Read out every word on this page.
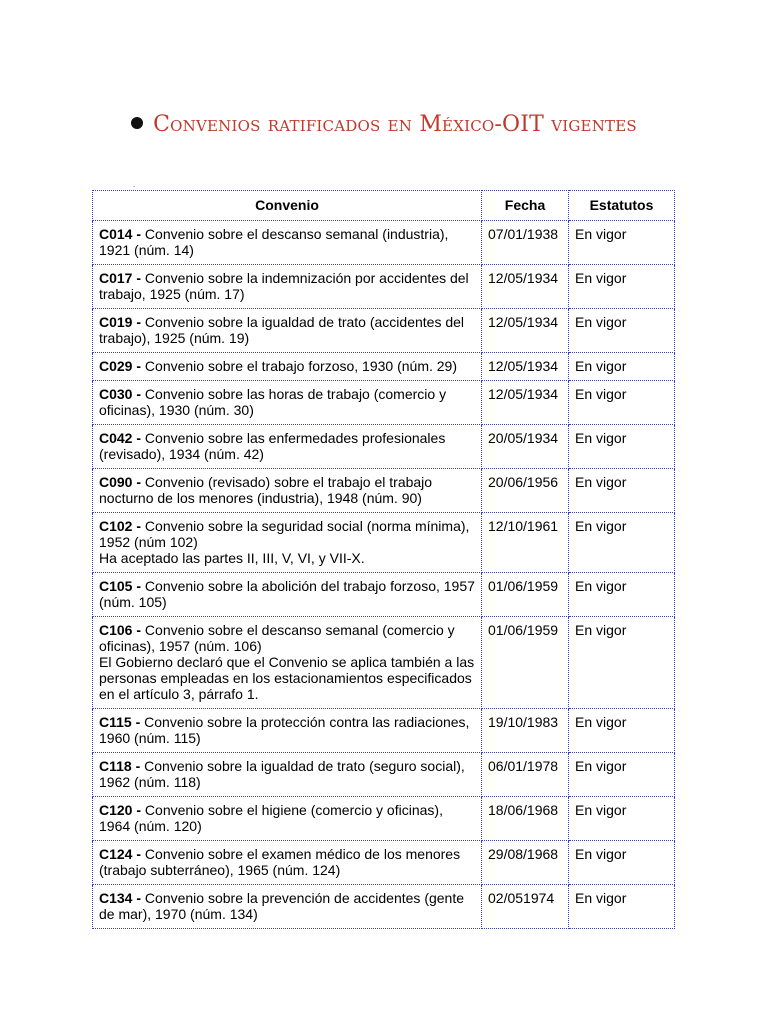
Convenios ratificados en México-OIT vigentes
.
Convenio	Fecha	Estatutos
C014 - Convenio sobre el descanso semanal (industria), 1921 (núm. 14)	07/01/1938	En vigor
C017 - Convenio sobre la indemnización por accidentes del trabajo, 1925 (núm. 17)	12/05/1934	En vigor
C019 - Convenio sobre la igualdad de trato (accidentes del trabajo), 1925 (núm. 19)	12/05/1934	En vigor
C029 - Convenio sobre el trabajo forzoso, 1930 (núm. 29)	12/05/1934	En vigor
C030 - Convenio sobre las horas de trabajo (comercio y oficinas), 1930 (núm. 30)	12/05/1934	En vigor
C042 - Convenio sobre las enfermedades profesionales (revisado), 1934 (núm. 42)	20/05/1934	En vigor
C090 - Convenio (revisado) sobre el trabajo el trabajo nocturno de los menores (industria), 1948 (núm. 90)	20/06/1956	En vigor
C102 - Convenio sobre la seguridad social (norma mínima), 1952 (núm 102)
Ha aceptado las partes II, III, V, VI, y VII-X.	12/10/1961	En vigor
C105 - Convenio sobre la abolición del trabajo forzoso, 1957 (núm. 105)	01/06/1959	En vigor
C106 - Convenio sobre el descanso semanal (comercio y oficinas), 1957 (núm. 106)
El Gobierno declaró que el Convenio se aplica también a las personas empleadas en los estacionamientos especificados en el artículo 3, párrafo 1.	01/06/1959	En vigor
C115 - Convenio sobre la protección contra las radiaciones, 1960 (núm. 115)	19/10/1983	En vigor
C118 - Convenio sobre la igualdad de trato (seguro social), 1962 (núm. 118)	06/01/1978	En vigor
C120 - Convenio sobre el higiene (comercio y oficinas), 1964 (núm. 120)	18/06/1968	En vigor
C124 - Convenio sobre el examen médico de los menores (trabajo subterráneo), 1965 (núm. 124)	29/08/1968	En vigor
C134 - Convenio sobre la prevención de accidentes (gente de mar), 1970 (núm. 134)	02/051974	En vigor
